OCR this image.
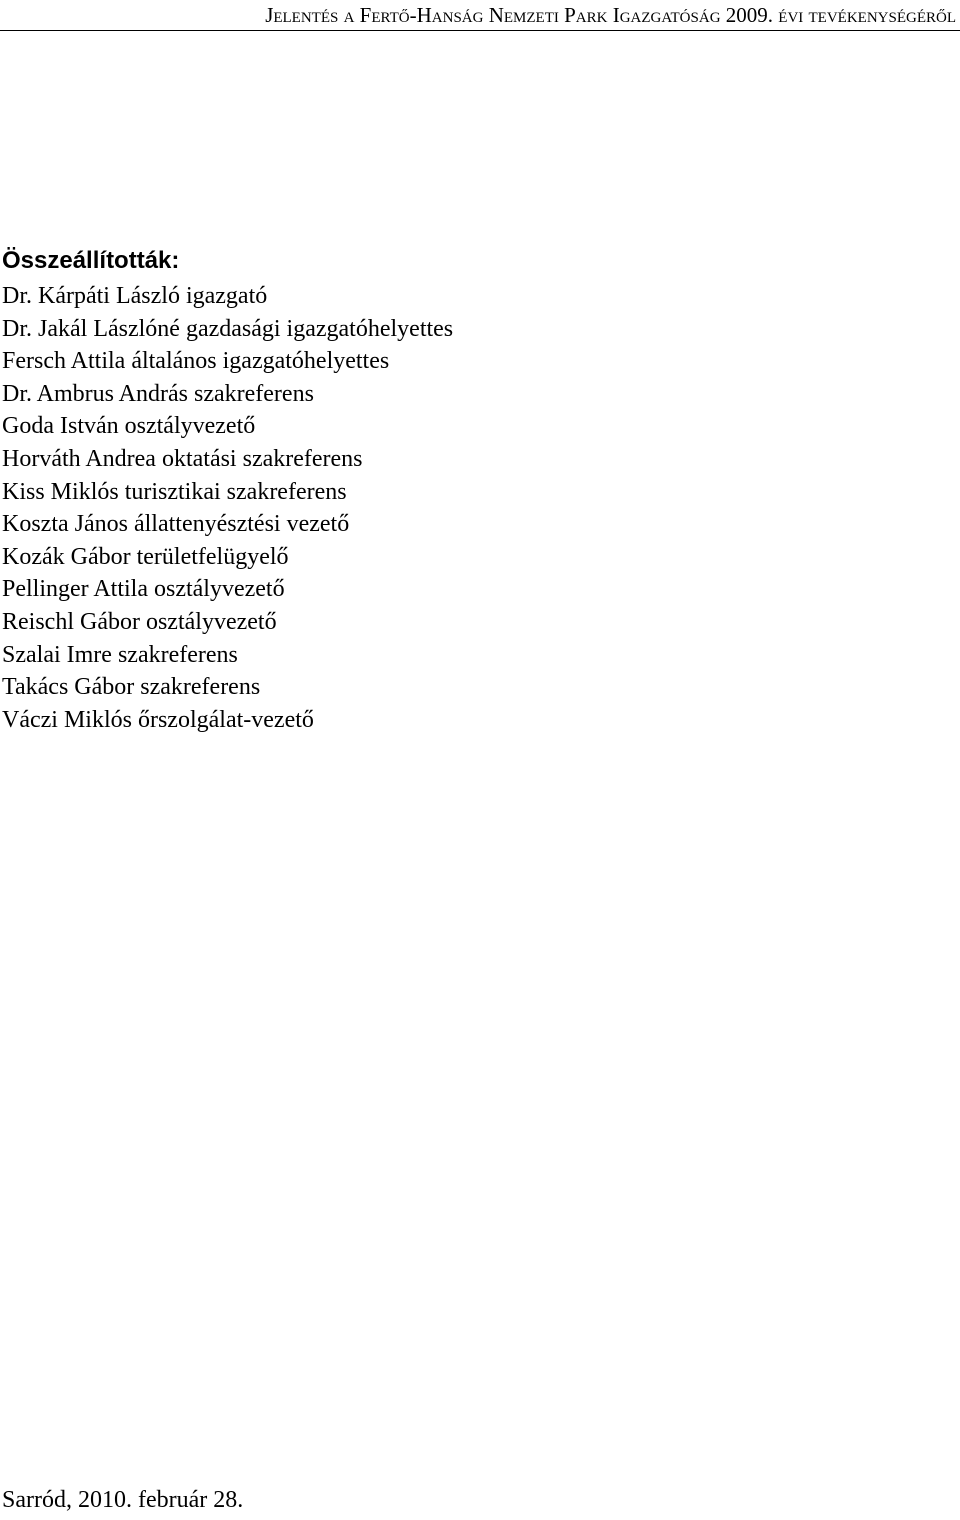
Jelentés a Fertő-Hanság Nemzeti Park Igazgatóság 2009. évi tevékenységéről
Összeállították:
Dr. Kárpáti László igazgató
Dr. Jakál Lászlóné gazdasági igazgatóhelyettes
Fersch Attila általános igazgatóhelyettes
Dr. Ambrus András szakreferens
Goda István osztályvezető
Horváth Andrea oktatási szakreferens
Kiss Miklós turisztikai szakreferens
Koszta János állattenyésztési vezető
Kozák Gábor területfelügyelő
Pellinger Attila osztályvezető
Reischl Gábor osztályvezető
Szalai Imre szakreferens
Takács Gábor szakreferens
Váczi Miklós őrszolgálat-vezető
Sarród, 2010. február 28.
